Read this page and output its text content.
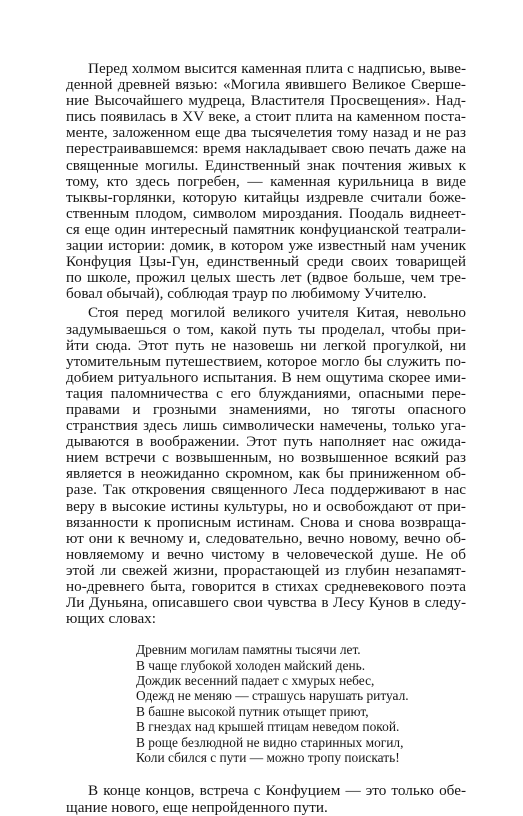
Перед холмом высится каменная плита с надписью, выве-
денной древней вязью: «Могила явившего Великое Сверше-
ние Высочайшего мудреца, Властителя Просвещения». Над-
пись появилась в XV веке, а стоит плита на каменном поста-
менте, заложенном еще два тысячелетия тому назад и не раз
перестраивавшемся: время накладывает свою печать даже на
священные могилы. Единственный знак почтения живых к
тому, кто здесь погребен, — каменная курильница в виде
тыквы-горлянки, которую китайцы издревле считали боже-
ственным плодом, символом мироздания. Поодаль виднеет-
ся еще один интересный памятник конфуцианской театрали-
зации истории: домик, в котором уже известный нам ученик
Конфуция Цзы-Гун, единственный среди своих товарищей
по школе, прожил целых шесть лет (вдвое больше, чем тре-
бовал обычай), соблюдая траур по любимому Учителю.
Стоя перед могилой великого учителя Китая, невольно
задумываешься о том, какой путь ты проделал, чтобы при-
йти сюда. Этот путь не назовешь ни легкой прогулкой, ни
утомительным путешествием, которое могло бы служить по-
добием ритуального испытания. В нем ощутима скорее ими-
тация паломничества с его блужданиями, опасными пере-
правами и грозными знамениями, но тяготы опасного
странствия здесь лишь символически намечены, только уга-
дываются в воображении. Этот путь наполняет нас ожида-
нием встречи с возвышенным, но возвышенное всякий раз
является в неожиданно скромном, как бы приниженном об-
разе. Так откровения священного Леса поддерживают в нас
веру в высокие истины культуры, но и освобождают от при-
вязанности к прописным истинам. Снова и снова возвраща-
ют они к вечному и, следовательно, вечно новому, вечно об-
новляемому и вечно чистому в человеческой душе. Не об
этой ли свежей жизни, прорастающей из глубин незапамят-
но-древнего быта, говорится в стихах средневекового поэта
Ли Дуньяна, описавшего свои чувства в Лесу Кунов в следу-
ющих словах:
Древним могилам памятны тысячи лет.
В чаще глубокой холоден майский день.
Дождик весенний падает с хмурых небес,
Одежд не меняю — страшусь нарушать ритуал.
В башне высокой путник отыщет приют,
В гнездах над крышей птицам неведом покой.
В роще безлюдной не видно старинных могил,
Коли сбился с пути — можно тропу поискать!
В конце концов, встреча с Конфуцием — это только обе-
щание нового, еще непройденного пути.
